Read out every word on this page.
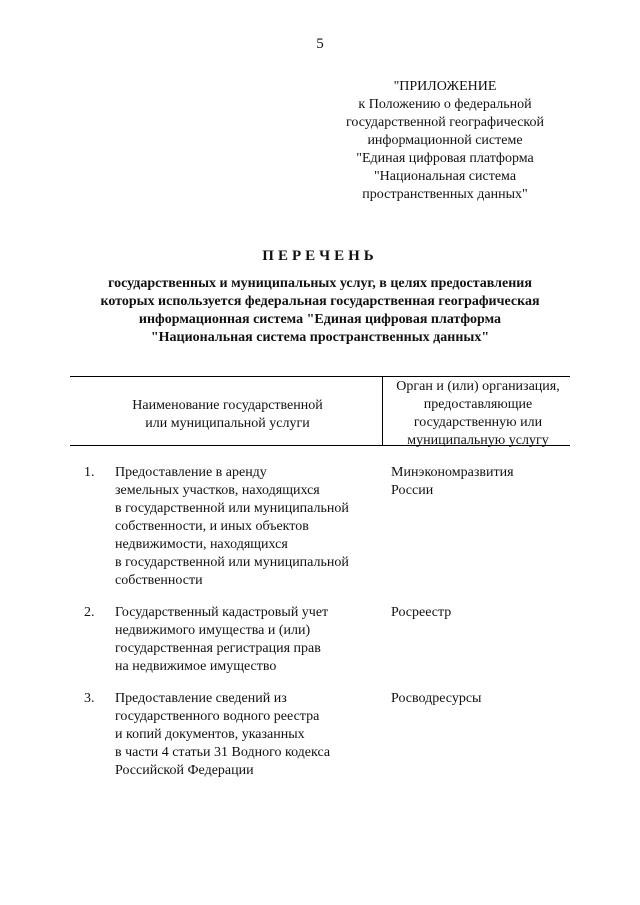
5
"ПРИЛОЖЕНИЕ
к Положению о федеральной
государственной географической
информационной системе
"Единая цифровая платформа
"Национальная система
пространственных данных"
ПЕРЕЧЕНЬ
государственных и муниципальных услуг, в целях предоставления
которых используется федеральная государственная географическая
информационная система "Единая цифровая платформа
"Национальная система пространственных данных"
Наименование государственной
или муниципальной услуги
Орган и (или) организация,
предоставляющие
государственную или
муниципальную услугу
1. Предоставление в аренду
земельных участков, находящихся
в государственной или муниципальной
собственности, и иных объектов
недвижимости, находящихся
в государственной или муниципальной
собственности
Минэкономразвития
России
2. Государственный кадастровый учет
недвижимого имущества и (или)
государственная регистрация прав
на недвижимое имущество
Росреестр
3. Предоставление сведений из
государственного водного реестра
и копий документов, указанных
в части 4 статьи 31 Водного кодекса
Российской Федерации
Росводресурсы
